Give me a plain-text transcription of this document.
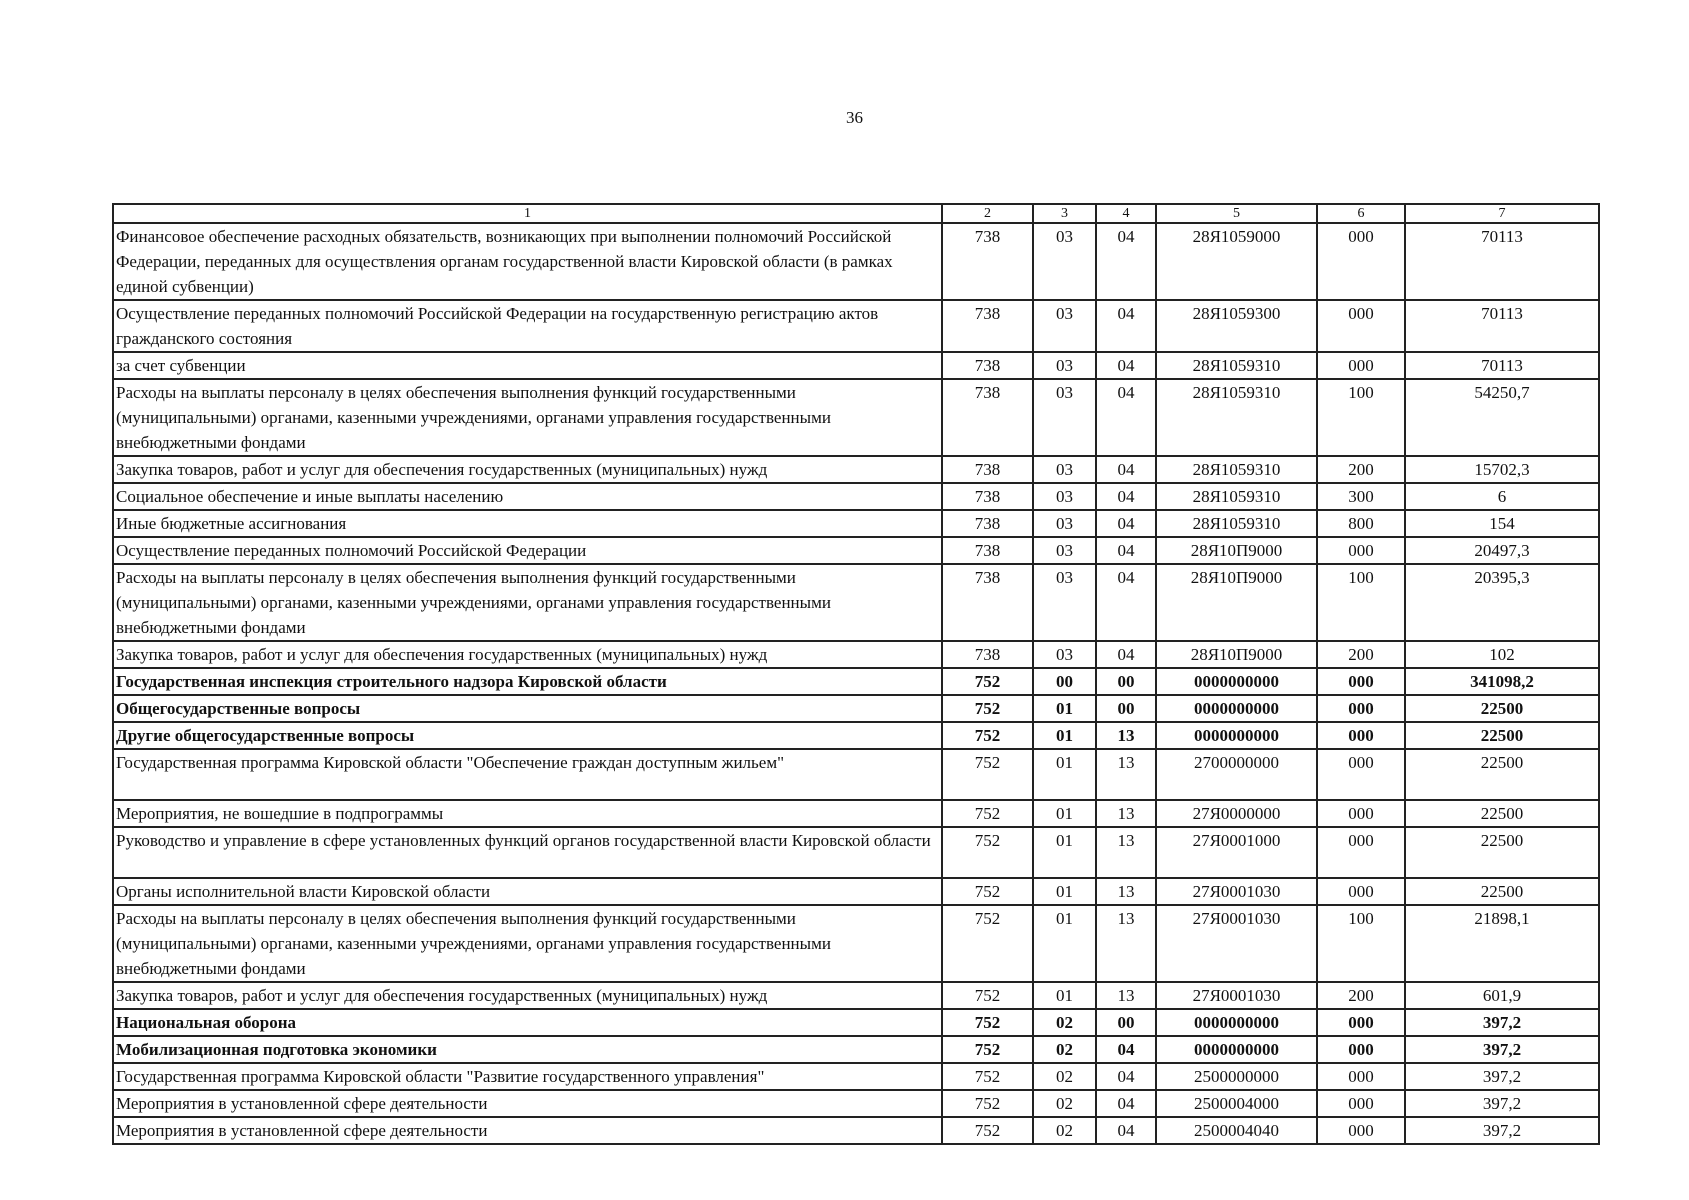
36
1	2	3	4	5	6	7
Финансовое обеспечение расходных обязательств, возникающих при выполнении полномочий Российской Федерации, переданных для осуществления органам государственной власти Кировской области (в рамках единой субвенции)	738	03	04	28Я1059000	000	70113
Осуществление переданных полномочий Российской Федерации на государственную регистрацию актов гражданского состояния	738	03	04	28Я1059300	000	70113
за счет субвенции	738	03	04	28Я1059310	000	70113
Расходы на выплаты персоналу в целях обеспечения выполнения функций государственными (муниципальными) органами, казенными учреждениями, органами управления государственными внебюджетными фондами	738	03	04	28Я1059310	100	54250,7
Закупка товаров, работ и услуг для обеспечения государственных (муниципальных) нужд	738	03	04	28Я1059310	200	15702,3
Социальное обеспечение и иные выплаты населению	738	03	04	28Я1059310	300	6
Иные бюджетные ассигнования	738	03	04	28Я1059310	800	154
Осуществление переданных полномочий Российской Федерации	738	03	04	28Я10П9000	000	20497,3
Расходы на выплаты персоналу в целях обеспечения выполнения функций государственными (муниципальными) органами, казенными учреждениями, органами управления государственными внебюджетными фондами	738	03	04	28Я10П9000	100	20395,3
Закупка товаров, работ и услуг для обеспечения государственных (муниципальных) нужд	738	03	04	28Я10П9000	200	102
Государственная инспекция строительного надзора Кировской области	752	00	00	0000000000	000	341098,2
Общегосударственные вопросы	752	01	00	0000000000	000	22500
Другие общегосударственные вопросы	752	01	13	0000000000	000	22500
Государственная программа Кировской области "Обеспечение граждан доступным жильем"	752	01	13	2700000000	000	22500
Мероприятия, не вошедшие в подпрограммы	752	01	13	27Я0000000	000	22500
Руководство и управление в сфере установленных функций органов государственной власти Кировской области	752	01	13	27Я0001000	000	22500
Органы исполнительной власти Кировской области	752	01	13	27Я0001030	000	22500
Расходы на выплаты персоналу в целях обеспечения выполнения функций государственными (муниципальными) органами, казенными учреждениями, органами управления государственными внебюджетными фондами	752	01	13	27Я0001030	100	21898,1
Закупка товаров, работ и услуг для обеспечения государственных (муниципальных) нужд	752	01	13	27Я0001030	200	601,9
Национальная оборона	752	02	00	0000000000	000	397,2
Мобилизационная подготовка экономики	752	02	04	0000000000	000	397,2
Государственная программа Кировской области "Развитие государственного управления"	752	02	04	2500000000	000	397,2
Мероприятия в установленной сфере деятельности	752	02	04	2500004000	000	397,2
Мероприятия в установленной сфере деятельности	752	02	04	2500004040	000	397,2
